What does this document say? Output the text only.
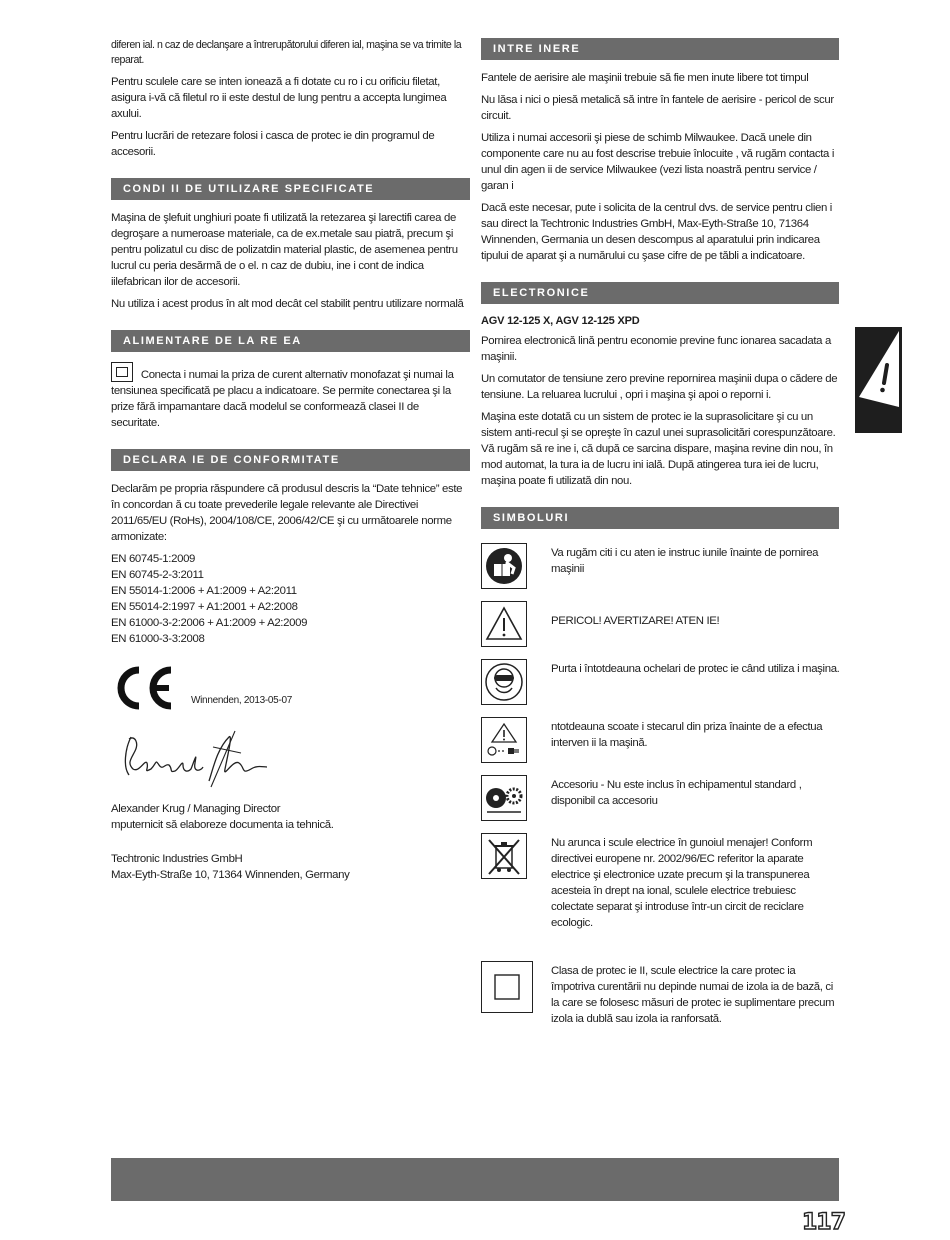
diferen ial. n caz de declanşare a întrerupătorului diferen ial, maşina se va trimite la reparat.

Pentru sculele care se inten ionează a fi dotate cu ro i cu orificiu filetat, asigura i-vă că filetul ro ii este destul de lung pentru a accepta lungimea axului.

Pentru lucrări de retezare folosi i casca de protec ie din programul de accesorii.

CONDI II DE UTILIZARE SPECIFICATE

Maşina de şlefuit unghiuri poate fi utilizată la retezarea şi larectifi carea de degroşare a numeroase materiale, ca de ex.metale sau piatră, precum şi pentru polizatul cu disc de polizatdin material plastic, de asemenea pentru lucrul cu peria desărmă de o el. n caz de dubiu, ine i cont de indica iilefabrican ilor de accesorii.

Nu utiliza i acest produs în alt mod decât cel stabilit pentru utilizare normală

ALIMENTARE DE LA RE EA

Conecta i numai la priza de curent alternativ monofazat şi numai la tensiunea specificată pe placu a indicatoare. Se permite conectarea şi la prize fără impamantare dacă modelul se conformează clasei II de securitate.

DECLARA IE DE CONFORMITATE

Declarăm pe propria răspundere că produsul descris la “Date tehnice” este în concordan ă cu toate prevederile legale relevante ale Directivei 2011/65/EU (RoHs), 2004/108/CE, 2006/42/CE şi cu următoarele norme armonizate:

EN 60745-1:2009

EN 60745-2-3:2011

EN 55014-1:2006 + A1:2009 + A2:2011

EN 55014-2:1997 + A1:2001 + A2:2008

EN 61000-3-2:2006 + A1:2009 + A2:2009

EN 61000-3-3:2008

Winnenden, 2013-05-07

Alexander Krug / Managing Director

mputernicit să elaboreze documenta ia tehnică.

Techtronic Industries GmbH

Max-Eyth-Straße 10, 71364 Winnenden, Germany

INTRE INERE

Fantele de aerisire ale maşinii trebuie să fie men inute libere tot timpul

Nu lăsa i nici o piesă metalică să intre în fantele de aerisire - pericol de scur circuit.

Utiliza i numai accesorii şi piese de schimb Milwaukee. Dacă unele din componente care nu au fost descrise trebuie înlocuite , vă rugăm contacta i unul din agen ii de service Milwaukee (vezi lista noastră pentru service / garan i

Dacă este necesar, pute i solicita de la centrul dvs. de service pentru clien i sau direct la Techtronic Industries GmbH, Max-Eyth-Straße 10, 71364 Winnenden, Germania un desen descompus al aparatului prin indicarea tipului de aparat şi a numărului cu şase cifre de pe tăbli a indicatoare.

ELECTRONICE

AGV 12-125 X, AGV 12-125 XPD

Pornirea electronică lină pentru economie previne func ionarea sacadata a maşinii.

Un comutator de tensiune zero previne repornirea maşinii dupa o cădere de tensiune. La reluarea lucrului , opri i maşina şi apoi o reporni i.

Maşina este dotată cu un sistem de protec ie la suprasolicitare şi cu un sistem anti-recul şi se opreşte în cazul unei suprasolicitări corespunzătoare. Vă rugăm să re ine i, că după ce sarcina dispare, maşina revine din nou, în mod automat, la tura ia de lucru ini ială. După atingerea tura iei de lucru, maşina poate fi utilizată din nou.

SIMBOLURI
Va rugăm citi i cu aten ie instruc iunile înainte de pornirea maşinii
PERICOL! AVERTIZARE! ATEN IE!
Purta i întotdeauna ochelari de protec ie când utiliza i maşina.
ntotdeauna scoate i stecarul din priza înainte de a efectua interven ii la maşină.
Accesoriu - Nu este inclus în echipamentul standard , disponibil ca accesoriu
Nu arunca i scule electrice în gunoiul menajer! Conform directivei europene nr. 2002/96/EC referitor la aparate electrice şi electronice uzate precum şi la transpunerea acesteia în drept na ional, sculele electrice trebuiesc colectate separat şi introduse într-un circit de reciclare ecologic.
Clasa de protec ie II, scule electrice la care protec ia împotriva curentării nu depinde numai de izola ia de bază, ci la care se folosesc măsuri de protec ie suplimentare precum izola ia dublă sau izola ia ranforsată.
117
